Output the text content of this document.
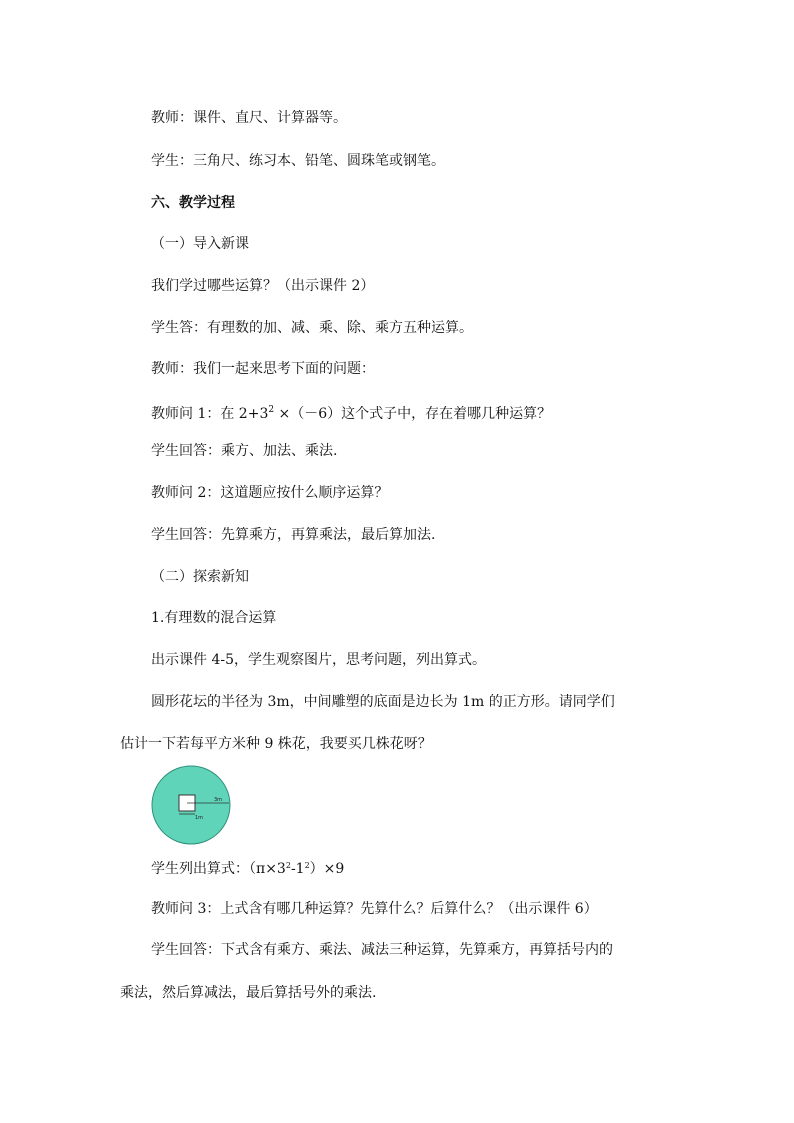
教师：课件、直尺、计算器等。
学生：三角尺、练习本、铅笔、圆珠笔或钢笔。
六、教学过程
（一）导入新课
我们学过哪些运算？（出示课件 2）
学生答：有理数的加、减、乘、除、乘方五种运算。
教师：我们一起来思考下面的问题：
教师问 1：在 $2+3^2 \times(-6)$这个式子中，存在着哪几种运算？
学生回答：乘方、加法、乘法.
教师问 2：这道题应按什么顺序运算？
学生回答：先算乘方，再算乘法，最后算加法.
（二）探索新知
1.有理数的混合运算
出示课件 4-5，学生观察图片，思考问题，列出算式。
圆形花坛的半径为 3m，中间雕塑的底面是边长为 1m 的正方形。请同学们
估计一下若每平方米种 9 株花，我要买几株花呀？
3m
1m
学生列出算式：$(\pi\times 3^2-1^2)\times 9$
教师问 3：上式含有哪几种运算？先算什么？后算什么？（出示课件 6）
学生回答：下式含有乘方、乘法、减法三种运算，先算乘方，再算括号内的
乘法，然后算减法，最后算括号外的乘法.
